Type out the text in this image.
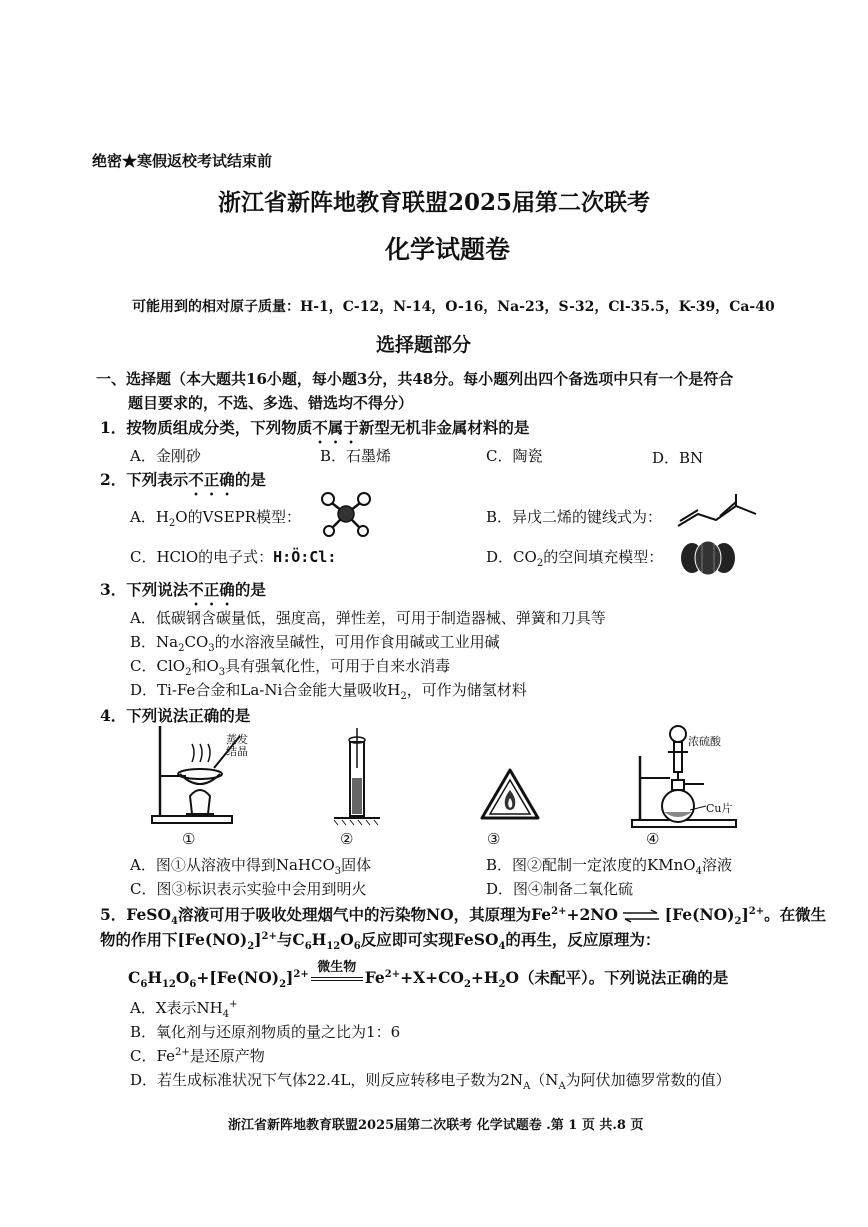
绝密★寒假返校考试结束前
浙江省新阵地教育联盟2025届第二次联考
化学试题卷
可能用到的相对原子质量：H-1，C-12，N-14，O-16，Na-23，S-32，Cl-35.5，K-39，Ca-40
选择题部分
一、选择题（本大题共16小题，每小题3分，共48分。每小题列出四个备选项中只有一个是符合
题目要求的，不选、多选、错选均不得分）
1．按物质组成分类，下列物质不属于新型无机非金属材料的是
A．金刚砂	B．石墨烯	C．陶瓷	D．BN
2．下列表示不正确的是
A．$H_2O$的VSEPR模型：	B．异戊二烯的键线式为：
C．HClO的电子式：H:Ö:Cl:	D．$CO_2$的空间填充模型：
3．下列说法不正确的是
A．低碳钢含碳量低，强度高，弹性差，可用于制造器械、弹簧和刀具等
B．$Na_2CO_3$的水溶液呈碱性，可用作食用碱或工业用碱
C．ClO$_2$和$O_3$具有强氧化性，可用于自来水消毒
D．Ti-Fe合金和La-Ni合金能大量吸收$H_2$，可作为储氢材料
4．下列说法正确的是
蒸发结晶
①	②	③
浓硫酸
Cu片
④
A．图①从溶液中得到NaHCO$_3$固体	B．图②配制一定浓度的KMnO$_4$溶液
C．图③标识表示实验中会用到明火	D．图④制备二氧化硫
5．FeSO$_4$溶液可用于吸收处理烟气中的污染物NO，其原理为$Fe^{2+}+2NO$ ⇌ $[Fe(NO)_2]^{2+}$。在微生
物的作用下$[Fe(NO)_2]^{2+}$与$C_6H_{12}O_6$反应即可实现FeSO$_4$的再生，反应原理为：
$C_6H_{12}O_6+[Fe(NO)_2]^{2+}$ 微生物
$Fe^{2+}+X+CO_2+H_2O$（未配平）。下列说法正确的是
A．X表示$NH_4^+$
B．氧化剂与还原剂物质的量之比为1：6
C．$Fe^{2+}$是还原产物
D．若生成标准状况下气体22.4L，则反应转移电子数为$2N_A(N_A$为阿伏加德罗常数的值）
浙江省新阵地教育联盟2025届第二次联考 化学试题卷 .第 1 页 共.8 页
